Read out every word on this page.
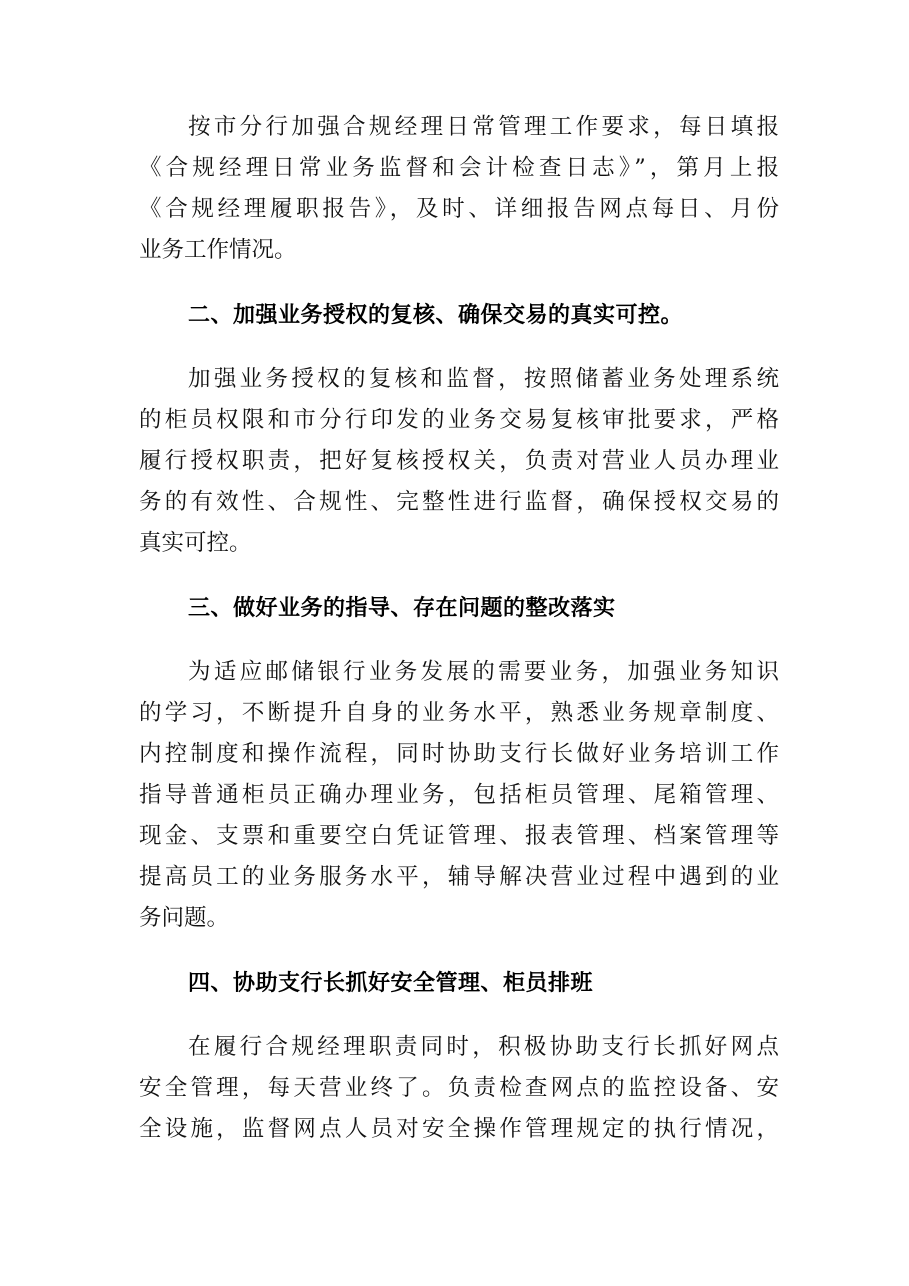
按市分行加强合规经理日常管理工作要求，每日填报
《合规经理日常业务监督和会计检查日志》”，第月上报
《合规经理履职报告》，及时、详细报告网点每日、月份
业务工作情况。
二、加强业务授权的复核、确保交易的真实可控。
加强业务授权的复核和监督，按照储蓄业务处理系统
的柜员权限和市分行印发的业务交易复核审批要求，严格
履行授权职责，把好复核授权关，负责对营业人员办理业
务的有效性、合规性、完整性进行监督，确保授权交易的
真实可控。
三、做好业务的指导、存在问题的整改落实
为适应邮储银行业务发展的需要业务，加强业务知识
的学习，不断提升自身的业务水平，熟悉业务规章制度、
内控制度和操作流程，同时协助支行长做好业务培训工作
指导普通柜员正确办理业务，包括柜员管理、尾箱管理、
现金、支票和重要空白凭证管理、报表管理、档案管理等
提高员工的业务服务水平，辅导解决营业过程中遇到的业
务问题。
四、协助支行长抓好安全管理、柜员排班
在履行合规经理职责同时，积极协助支行长抓好网点
安全管理，每天营业终了。负责检查网点的监控设备、安
全设施，监督网点人员对安全操作管理规定的执行情况，
